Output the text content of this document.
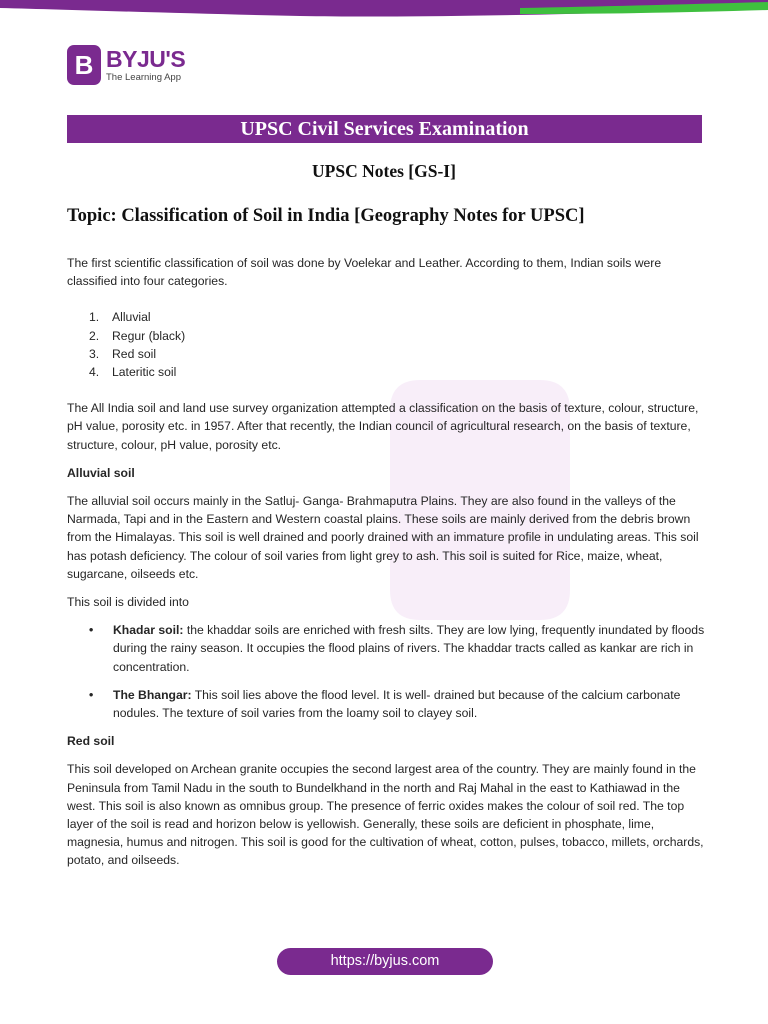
B BYJU'S
The Learning App
UPSC Civil Services Examination
UPSC Notes [GS-I]
Topic: Classification of Soil in India [Geography Notes for UPSC]

The first scientific classification of soil was done by Voelekar and Leather. According to them, Indian soils were classified into four categories.

1.	Alluvial
2.	Regur (black)
3.	Red soil
4.	Lateritic soil

The All India soil and land use survey organization attempted a classification on the basis of texture, colour, structure, pH value, porosity etc. in 1957. After that recently, the Indian council of agricultural research, on the basis of texture, structure, colour, pH value, porosity etc.

Alluvial soil

The alluvial soil occurs mainly in the Satluj- Ganga- Brahmaputra Plains. They are also found in the valleys of the Narmada, Tapi and in the Eastern and Western coastal plains. These soils are mainly derived from the debris brown from the Himalayas. This soil is well drained and poorly drained with an immature profile in undulating areas. This soil has potash deficiency. The colour of soil varies from light grey to ash. This soil is suited for Rice, maize, wheat, sugarcane, oilseeds etc.

This soil is divided into

•	Khadar soil: the khaddar soils are enriched with fresh silts. They are low lying, frequently inundated by floods during the rainy season. It occupies the flood plains of rivers. The khaddar tracts called as kankar are rich in concentration.
•	The Bhangar: This soil lies above the flood level. It is well- drained but because of the calcium carbonate nodules. The texture of soil varies from the loamy soil to clayey soil.

Red soil

This soil developed on Archean granite occupies the second largest area of the country. They are mainly found in the Peninsula from Tamil Nadu in the south to Bundelkhand in the north and Raj Mahal in the east to Kathiawad in the west. This soil is also known as omnibus group. The presence of ferric oxides makes the colour of soil red. The top layer of the soil is read and horizon below is yellowish. Generally, these soils are deficient in phosphate, lime, magnesia, humus and nitrogen. This soil is good for the cultivation of wheat, cotton, pulses, tobacco, millets, orchards, potato, and oilseeds.

https://byjus.com
